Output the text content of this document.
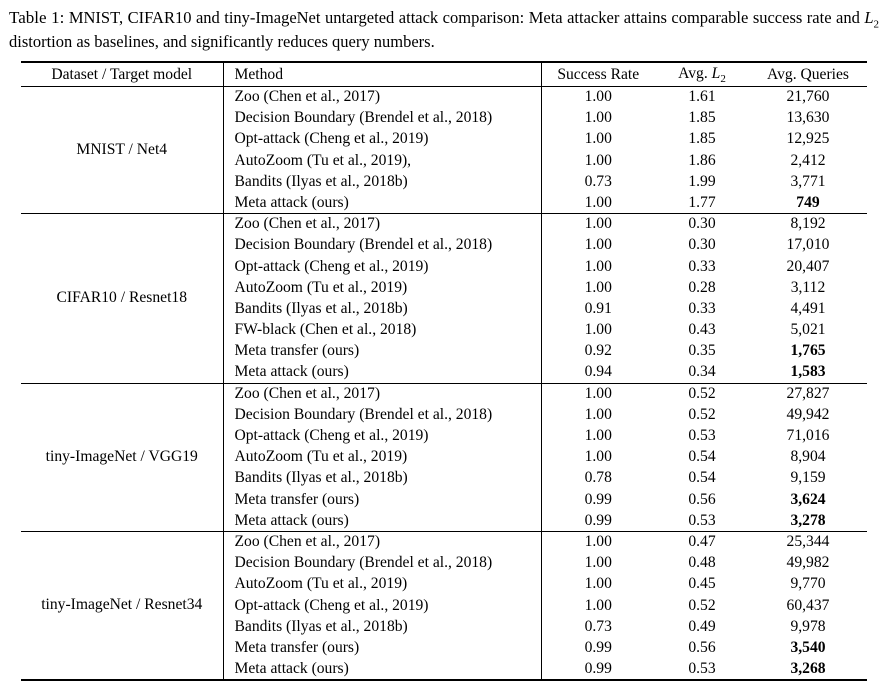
Table 1: MNIST, CIFAR10 and tiny-ImageNet untargeted attack comparison: Meta attacker attains comparable success rate and $L_2$ distortion as baselines, and significantly reduces query numbers.

Dataset / Target model	Method	Success Rate	Avg. $L_2$	Avg. Queries
MNIST / Net4	Zoo (Chen et al., 2017)	1.00	1.61	21,760
	Decision Boundary (Brendel et al., 2018)	1.00	1.85	13,630
	Opt-attack (Cheng et al., 2019)	1.00	1.85	12,925
	AutoZoom (Tu et al., 2019),	1.00	1.86	2,412
	Bandits (Ilyas et al., 2018b)	0.73	1.99	3,771
	Meta attack (ours)	1.00	1.77	749
CIFAR10 / Resnet18	Zoo (Chen et al., 2017)	1.00	0.30	8,192
	Decision Boundary (Brendel et al., 2018)	1.00	0.30	17,010
	Opt-attack (Cheng et al., 2019)	1.00	0.33	20,407
	AutoZoom (Tu et al., 2019)	1.00	0.28	3,112
	Bandits (Ilyas et al., 2018b)	0.91	0.33	4,491
	FW-black (Chen et al., 2018)	1.00	0.43	5,021
	Meta transfer (ours)	0.92	0.35	1,765
	Meta attack (ours)	0.94	0.34	1,583
tiny-ImageNet / VGG19	Zoo (Chen et al., 2017)	1.00	0.52	27,827
	Decision Boundary (Brendel et al., 2018)	1.00	0.52	49,942
	Opt-attack (Cheng et al., 2019)	1.00	0.53	71,016
	AutoZoom (Tu et al., 2019)	1.00	0.54	8,904
	Bandits (Ilyas et al., 2018b)	0.78	0.54	9,159
	Meta transfer (ours)	0.99	0.56	3,624
	Meta attack (ours)	0.99	0.53	3,278
tiny-ImageNet / Resnet34	Zoo (Chen et al., 2017)	1.00	0.47	25,344
	Decision Boundary (Brendel et al., 2018)	1.00	0.48	49,982
	AutoZoom (Tu et al., 2019)	1.00	0.45	9,770
	Opt-attack (Cheng et al., 2019)	1.00	0.52	60,437
	Bandits (Ilyas et al., 2018b)	0.73	0.49	9,978
	Meta transfer (ours)	0.99	0.56	3,540
	Meta attack (ours)	0.99	0.53	3,268
